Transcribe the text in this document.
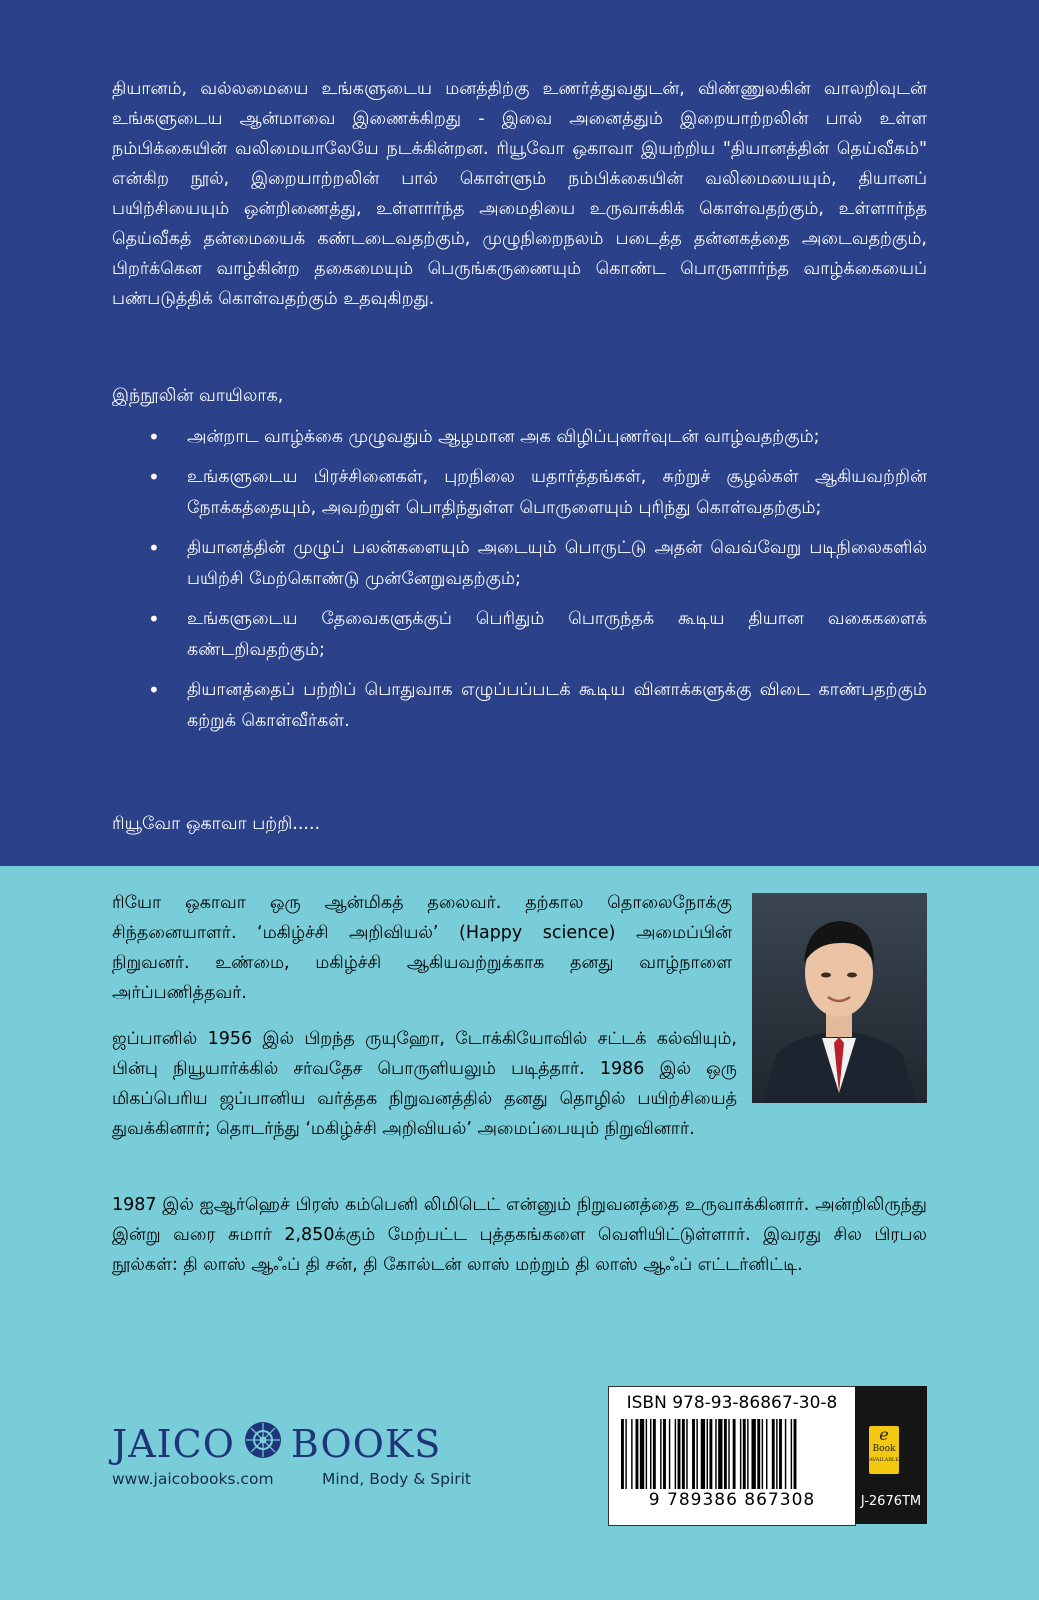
தியானம், வல்லமையை உங்களுடைய மனத்திற்கு உணர்த்துவதுடன், விண்ணுலகின் வாலறிவுடன் உங்களுடைய ஆன்மாவை இணைக்கிறது - இவை அனைத்தும் இறையாற்றலின் பால் உள்ள நம்பிக்கையின் வலிமையாலேயே நடக்கின்றன. ரியூவோ ஒகாவா இயற்றிய "தியானத்தின் தெய்வீகம்" என்கிற நூல், இறையாற்றலின் பால் கொள்ளும் நம்பிக்கையின் வலிமையையும், தியானப் பயிற்சியையும் ஒன்றிணைத்து, உள்ளார்ந்த அமைதியை உருவாக்கிக் கொள்வதற்கும், உள்ளார்ந்த தெய்வீகத் தன்மையைக் கண்டடைவதற்கும், முழுநிறைநலம் படைத்த தன்னகத்தை அடைவதற்கும், பிறர்க்கென வாழ்கின்ற தகைமையும் பெருங்கருணையும் கொண்ட பொருளார்ந்த வாழ்க்கையைப் பண்படுத்திக் கொள்வதற்கும் உதவுகிறது.

இந்நூலின் வாயிலாக,

• அன்றாட வாழ்க்கை முழுவதும் ஆழமான அக விழிப்புணர்வுடன் வாழ்வதற்கும்;
• உங்களுடைய பிரச்சினைகள், புறநிலை யதார்த்தங்கள், சுற்றுச் சூழல்கள் ஆகியவற்றின் நோக்கத்தையும், அவற்றுள் பொதிந்துள்ள பொருளையும் புரிந்து கொள்வதற்கும்;
• தியானத்தின் முழுப் பலன்களையும் அடையும் பொருட்டு அதன் வெவ்வேறு படிநிலைகளில் பயிற்சி மேற்கொண்டு முன்னேறுவதற்கும்;
• உங்களுடைய தேவைகளுக்குப் பெரிதும் பொருந்தக் கூடிய தியான வகைகளைக் கண்டறிவதற்கும்;
• தியானத்தைப் பற்றிப் பொதுவாக எழுப்பப்படக் கூடிய வினாக்களுக்கு விடை காண்பதற்கும் கற்றுக் கொள்வீர்கள்.

ரியூவோ ஒகாவா பற்றி.....

ரியோ ஒகாவா ஒரு ஆன்மிகத் தலைவர். தற்கால தொலைநோக்கு சிந்தனையாளர். ‘மகிழ்ச்சி அறிவியல்’ (Happy science) அமைப்பின் நிறுவனர். உண்மை, மகிழ்ச்சி ஆகியவற்றுக்காக தனது வாழ்நாளை அர்ப்பணித்தவர்.

ஜப்பானில் 1956 இல் பிறந்த ருயுஹோ, டோக்கியோவில் சட்டக் கல்வியும், பின்பு நியூயார்க்கில் சர்வதேச பொருளியலும் படித்தார். 1986 இல் ஒரு மிகப்பெரிய ஜப்பானிய வர்த்தக நிறுவனத்தில் தனது தொழில் பயிற்சியைத் துவக்கினார்; தொடர்ந்து ‘மகிழ்ச்சி அறிவியல்’ அமைப்பையும் நிறுவினார்.

1987 இல் ஐஆர்ஹெச் பிரஸ் கம்பெனி லிமிடெட் என்னும் நிறுவனத்தை உருவாக்கினார். அன்றிலிருந்து இன்று வரை சுமார் 2,850க்கும் மேற்பட்ட புத்தகங்களை வெளியிட்டுள்ளார். இவரது சில பிரபல நூல்கள்: தி லாஸ் ஆஃப் தி சன், தி கோல்டன் லாஸ் மற்றும் தி லாஸ் ஆஃப் எட்டர்னிட்டி.

JAICO BOOKS
www.jaicobooks.com	Mind, Body & Spirit
ISBN 978-93-86867-30-8
9 789386 867308
e
Book
AVAILABLE
J-2676TM
